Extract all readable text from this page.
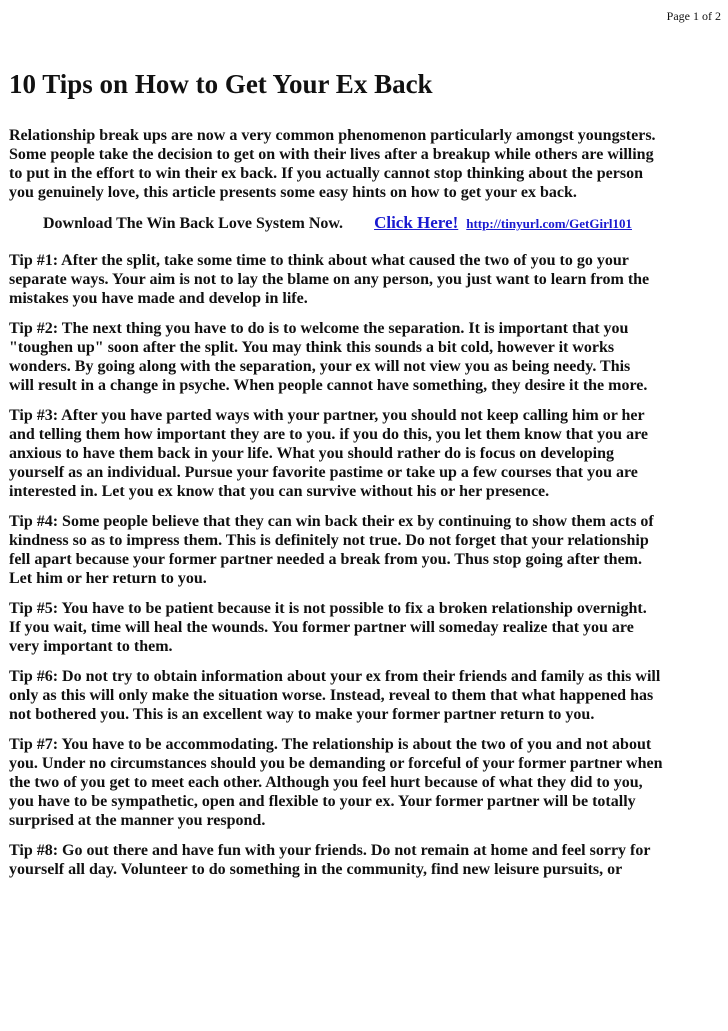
Page 1 of 2
10 Tips on How to Get Your Ex Back

Relationship break ups are now a very common phenomenon particularly amongst youngsters.
Some people take the decision to get on with their lives after a breakup while others are willing
to put in the effort to win their ex back. If you actually cannot stop thinking about the person
you genuinely love, this article presents some easy hints on how to get your ex back.

Download The Win Back Love System Now. Click Here! http://tinyurl.com/GetGirl101

Tip #1: After the split, take some time to think about what caused the two of you to go your
separate ways. Your aim is not to lay the blame on any person, you just want to learn from the
mistakes you have made and develop in life.

Tip #2: The next thing you have to do is to welcome the separation. It is important that you
"toughen up" soon after the split. You may think this sounds a bit cold, however it works
wonders. By going along with the separation, your ex will not view you as being needy. This
will result in a change in psyche. When people cannot have something, they desire it the more.

Tip #3: After you have parted ways with your partner, you should not keep calling him or her
and telling them how important they are to you. if you do this, you let them know that you are
anxious to have them back in your life. What you should rather do is focus on developing
yourself as an individual. Pursue your favorite pastime or take up a few courses that you are
interested in. Let you ex know that you can survive without his or her presence.

Tip #4: Some people believe that they can win back their ex by continuing to show them acts of
kindness so as to impress them. This is definitely not true. Do not forget that your relationship
fell apart because your former partner needed a break from you. Thus stop going after them.
Let him or her return to you.

Tip #5: You have to be patient because it is not possible to fix a broken relationship overnight.
If you wait, time will heal the wounds. You former partner will someday realize that you are
very important to them.

Tip #6: Do not try to obtain information about your ex from their friends and family as this will
only as this will only make the situation worse. Instead, reveal to them that what happened has
not bothered you. This is an excellent way to make your former partner return to you.

Tip #7: You have to be accommodating. The relationship is about the two of you and not about
you. Under no circumstances should you be demanding or forceful of your former partner when
the two of you get to meet each other. Although you feel hurt because of what they did to you,
you have to be sympathetic, open and flexible to your ex. Your former partner will be totally
surprised at the manner you respond.

Tip #8: Go out there and have fun with your friends. Do not remain at home and feel sorry for
yourself all day. Volunteer to do something in the community, find new leisure pursuits, or
